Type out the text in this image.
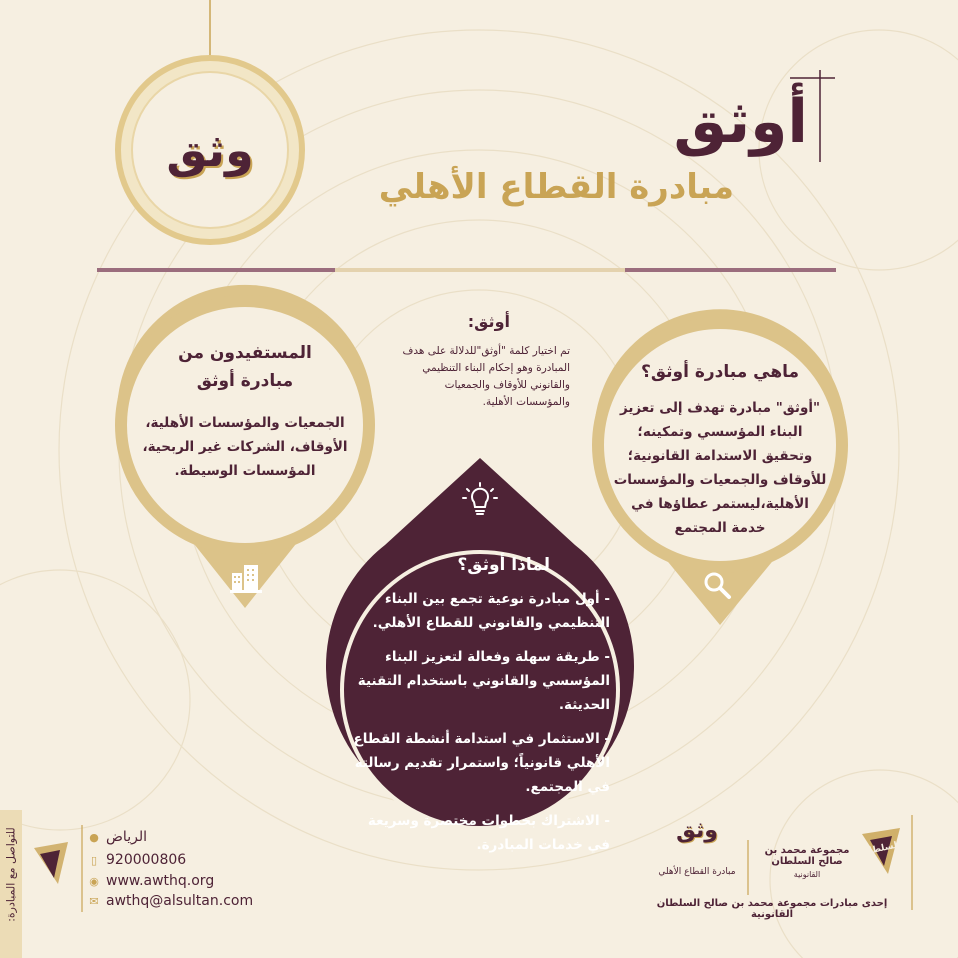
وثق	أوثق
مبادرة القطاع الأهلي
أوثق:
تم اختيار كلمة "أوثق"للدلالة على هدف المبادرة وهو إحكام البناء التنظيمي والقانوني للأوقاف والجمعيات والمؤسسات الأهلية.
المستفيدون من
مبادرة أوثق
الجمعيات والمؤسسات الأهلية،
الأوقاف، الشركات غير الربحية،
المؤسسات الوسيطة.
ماهي مبادرة أوثق؟
"أوثق" مبادرة تهدف إلى تعزيز
البناء المؤسسي وتمكينه؛
وتحقيق الاستدامة القانونية؛
للأوقاف والجمعيات والمؤسسات
الأهلية،ليستمر عطاؤها في
خدمة المجتمع
لماذا أوثق؟
- أول مبادرة نوعية تجمع بين البناء التنظيمي والقانوني للقطاع الأهلي.
- طريقة سهلة وفعالة لتعزيز البناء المؤسسي والقانوني باستخدام التقنية الحديثة.
- الاستثمار في استدامة أنشطة القطاع الأهلي قانونياً؛ واستمرار تقديم رسالته في المجتمع.
- الاشتراك بخطوات مختصرة وسريعة في خدمات المبادرة.
للتواصل مع المبادرة:	● الرياض
▯ 920000806
◉ www.awthq.org
✉ awthq@alsultan.com
وثق
مبادرة القطاع الأهلي
مجموعة محمد بن صالح السلطان
القانونية
السلطان
إحدى مبادرات مجموعة محمد بن صالح السلطان القانونية
